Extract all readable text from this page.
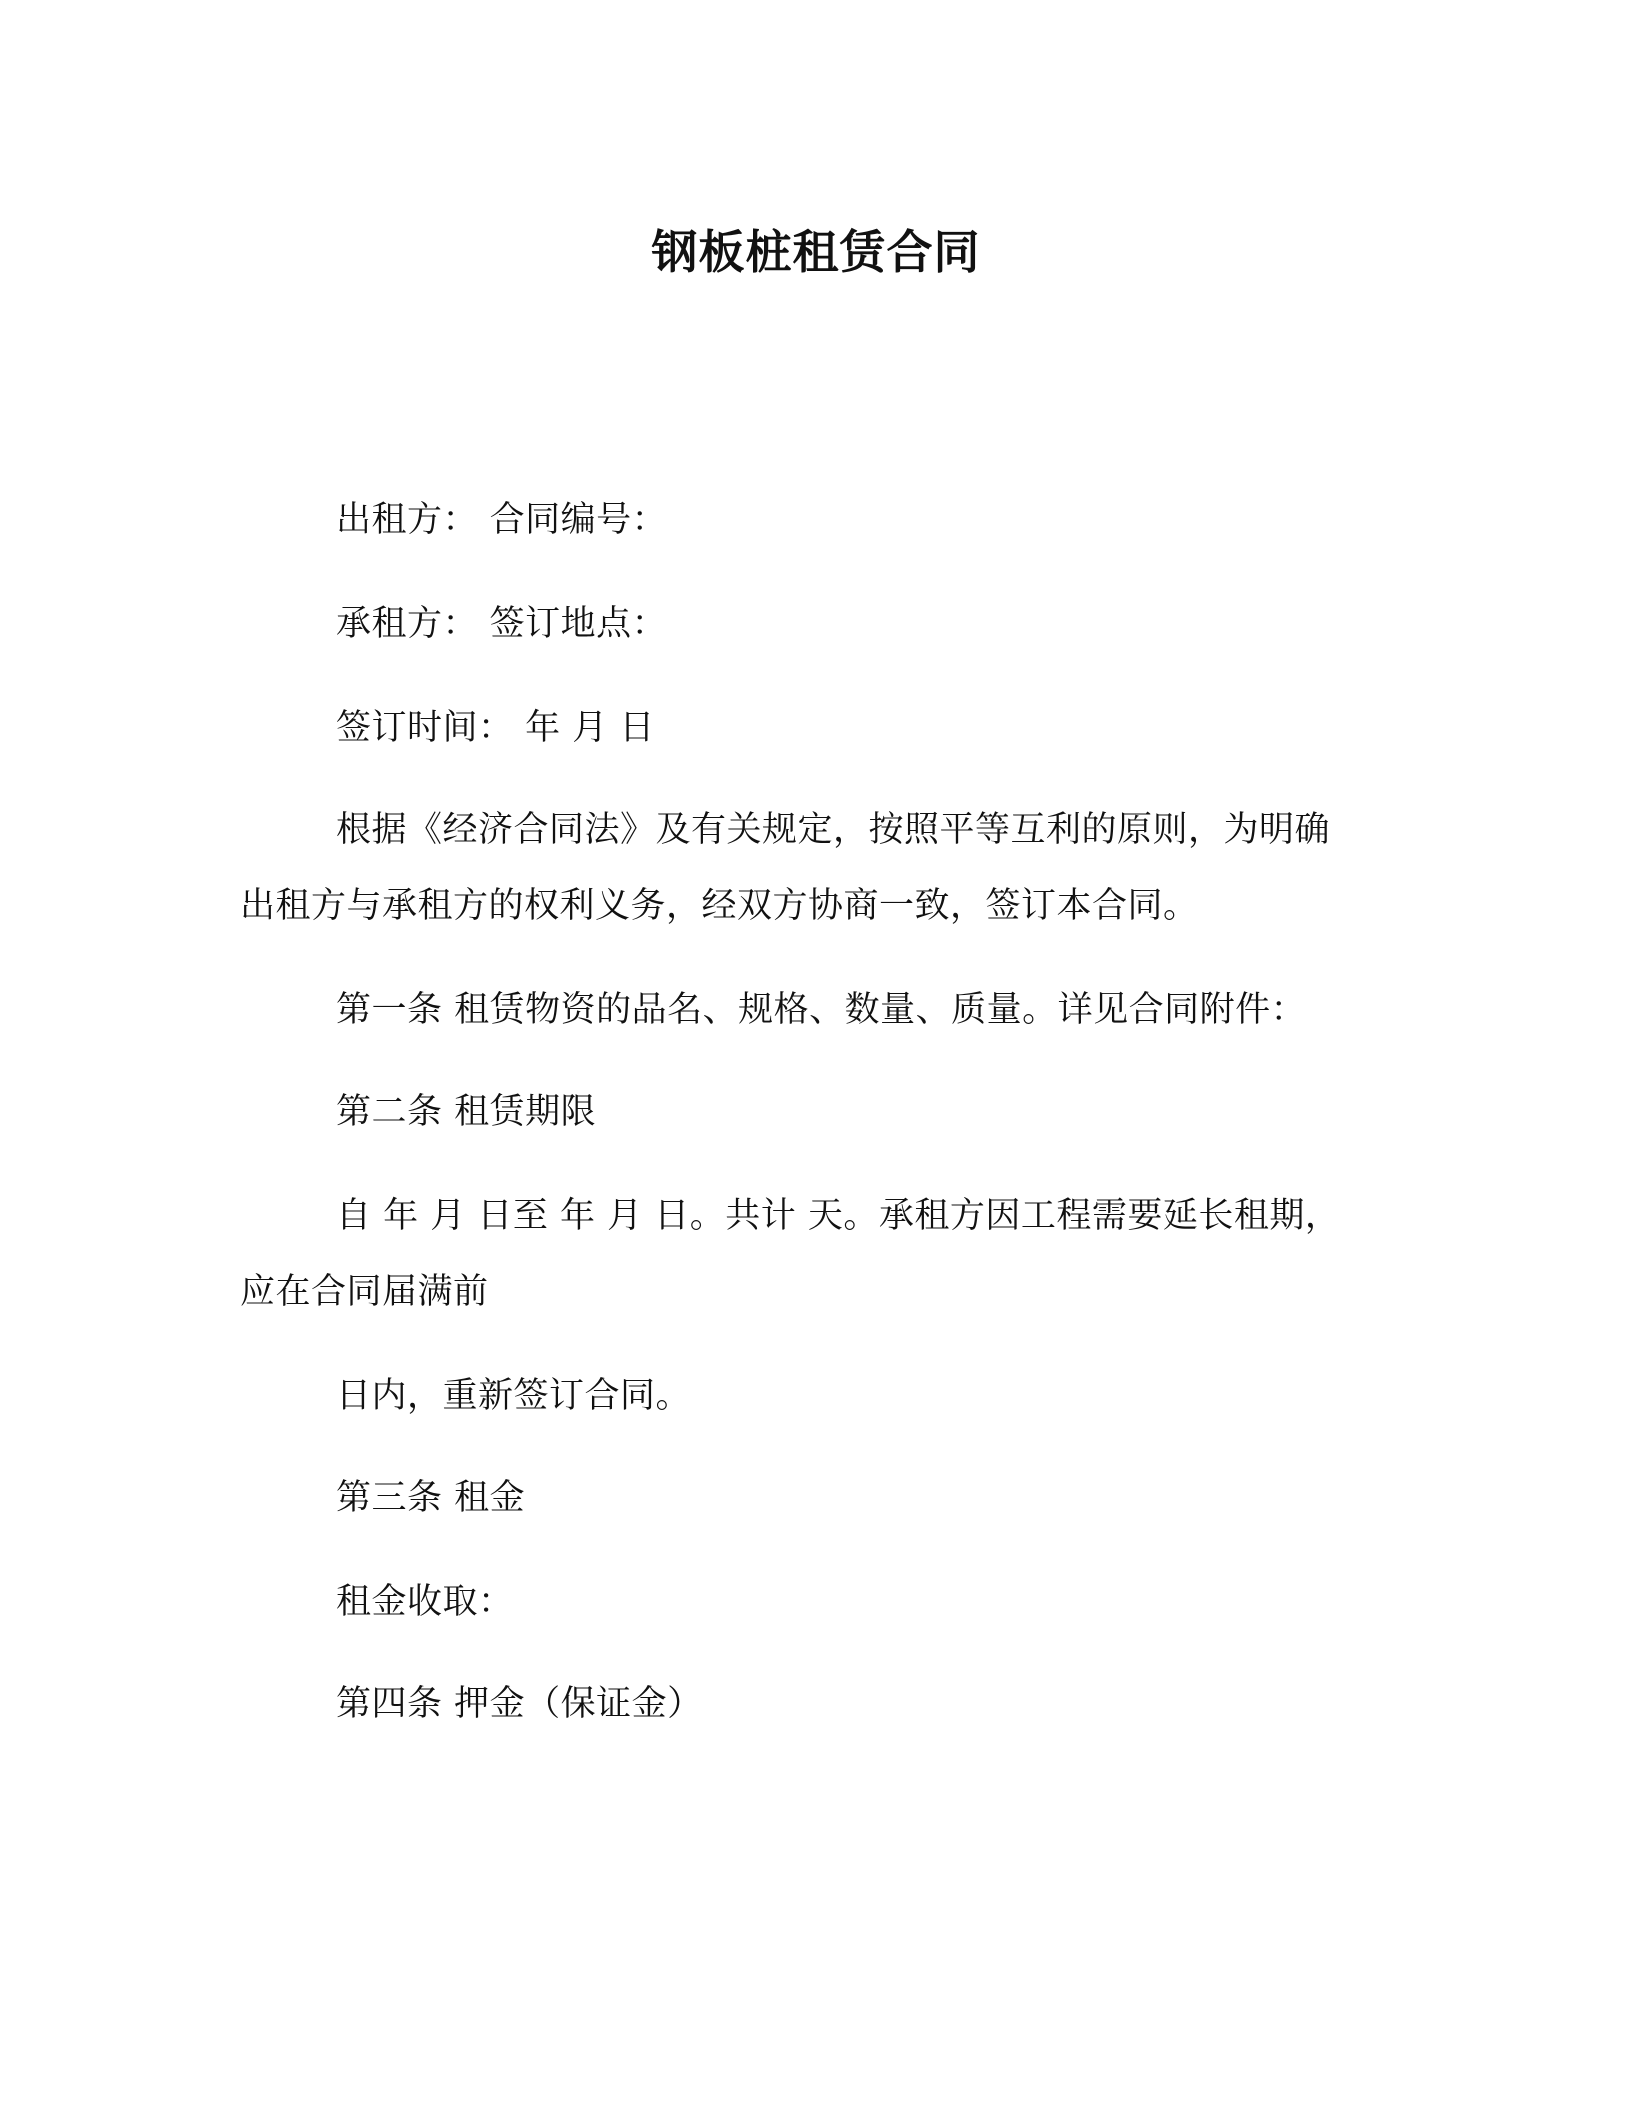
钢板桩租赁合同

出租方： 合同编号：

承租方： 签订地点：

签订时间： 年 月 日

根据《经济合同法》及有关规定，按照平等互利的原则，为明确

出租方与承租方的权利义务，经双方协商一致，签订本合同。

第一条 租赁物资的品名、规格、数量、质量。详见合同附件：

第二条 租赁期限

自 年 月 日至 年 月 日。共计 天。承租方因工程需要延长租期，

应在合同届满前

日内，重新签订合同。

第三条 租金

租金收取：

第四条 押金（保证金）
